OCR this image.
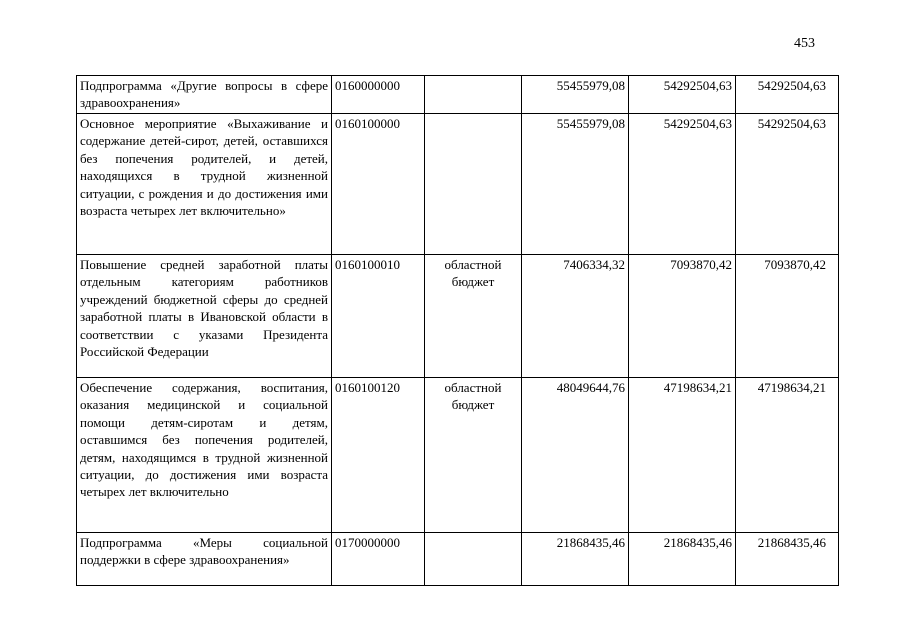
453
Подпрограмма «Другие вопросы в сфере здравоохранения»	0160000000		55455979,08	54292504,63	54292504,63
Основное мероприятие «Выхаживание и содержание детей-сирот, детей, оставшихся без попечения родителей, и детей, находящихся в трудной жизненной ситуации, с рождения и до достижения ими возраста четырех лет включительно»	0160100000		55455979,08	54292504,63	54292504,63
Повышение средней заработной платы отдельным категориям работников учреждений бюджетной сферы до средней заработной платы в Ивановской области в соответствии с указами Президента Российской Федерации	0160100010	областной бюджет	7406334,32	7093870,42	7093870,42
Обеспечение содержания, воспитания, оказания медицинской и социальной помощи детям-сиротам и детям, оставшимся без попечения родителей, детям, находящимся в трудной жизненной ситуации, до достижения ими возраста четырех лет включительно	0160100120	областной бюджет	48049644,76	47198634,21	47198634,21
Подпрограмма «Меры социальной поддержки в сфере здравоохранения»	0170000000		21868435,46	21868435,46	21868435,46
